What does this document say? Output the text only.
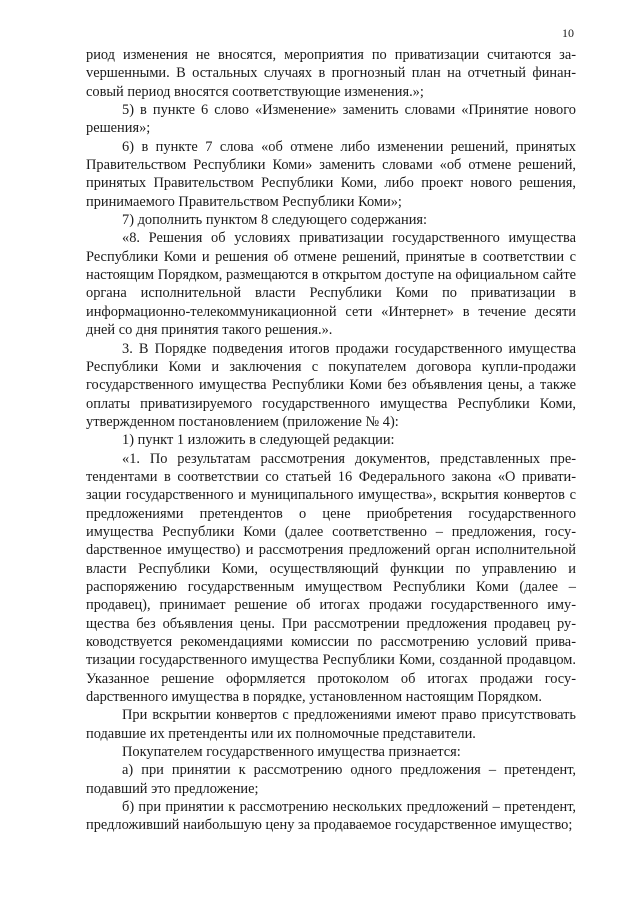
10

риод изменения не вносятся, мероприятия по приватизации считаются заvершенными. В остальных случаях в прогнозный план на отчетный финансовый период вносятся соответствующие изменения.»;

5) в пункте 6 слово «Изменение» заменить словами «Принятие нового решения»;

6) в пункте 7 слова «об отмене либо изменении решений, принятых Правительством Республики Коми» заменить словами «об отмене решений, принятых Правительством Республики Коми, либо проект нового решения, принимаемого Правительством Республики Коми»;

7) дополнить пунктом 8 следующего содержания:

«8. Решения об условиях приватизации государственного имущества Республики Коми и решения об отмене решений, принятые в соответствии с настоящим Порядком, размещаются в открытом доступе на официальном сайте органа исполнительной власти Республики Коми по приватизации в информационно-телекоммуникационной сети «Интернет» в течение десяти дней со дня принятия такого решения.».

3. В Порядке подведения итогов продажи государственного имущества Республики Коми и заключения с покупателем договора купли-продажи государственного имущества Республики Коми без объявления цены, а также оплаты приватизируемого государственного имущества Республики Коми, утвержденном постановлением (приложение № 4):

1) пункт 1 изложить в следующей редакции:

«1. По результатам рассмотрения документов, представленных претендентами в соответствии со статьей 16 Федерального закона «О приватизации государственного и муниципального имущества», вскрытия конвертов с предложениями претендентов о цене приобретения государственного имущества Республики Коми (далее соответственно – предложения, госуdарственное имущество) и рассмотрения предложений орган исполнительной власти Республики Коми, осуществляющий функции по управлению и распоряжению государственным имуществом Республики Коми (далее – продавец), принимает решение об итогах продажи государственного имущества без объявления цены. При рассмотрении предложения продавец руководствуется рекомендациями комиссии по рассмотрению условий приватизации государственного имущества Республики Коми, созданной продавцом. Указанное решение оформляется протоколом об итогах продажи госуdарственного имущества в порядке, установленном настоящим Порядком.

При вскрытии конвертов с предложениями имеют право присутствовать подавшие их претенденты или их полномочные представители.

Покупателем государственного имущества признается:

а) при принятии к рассмотрению одного предложения – претендент, подавший это предложение;

б) при принятии к рассмотрению нескольких предложений – претендент, предложивший наибольшую цену за продаваемое государственное имущество;
